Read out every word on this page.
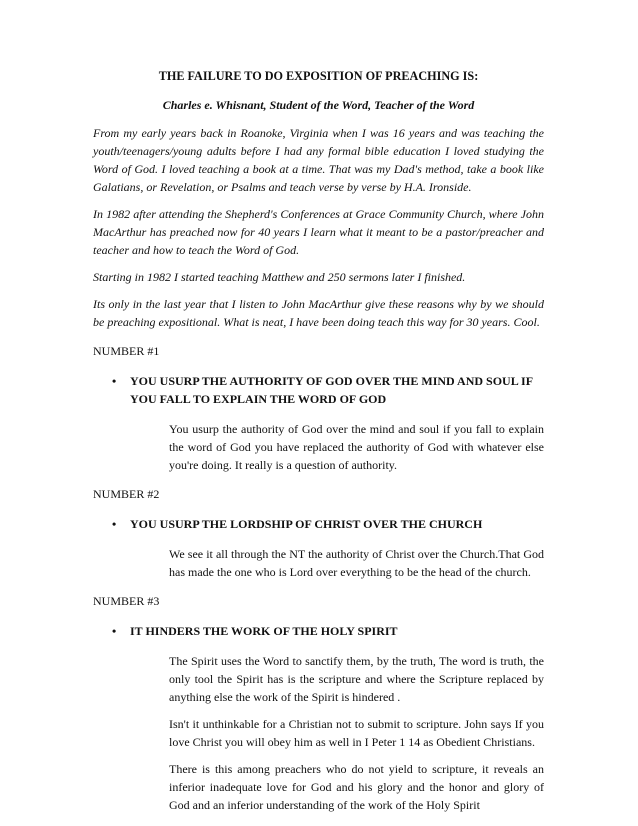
THE FAILURE TO DO EXPOSITION OF PREACHING IS:

Charles e. Whisnant, Student of the Word, Teacher of the Word

From my early years back in Roanoke, Virginia when I was 16 years and was teaching the youth/teenagers/young adults before I had any formal bible education I loved studying the Word of God. I loved teaching a book at a time. That was my Dad's method, take a book like Galatians, or Revelation, or Psalms and teach verse by verse by H.A. Ironside.

In 1982 after attending the Shepherd's Conferences at Grace Community Church, where John MacArthur has preached now for 40 years I learn what it meant to be a pastor/preacher and teacher and how to teach the Word of God.

Starting in 1982 I started teaching Matthew and 250 sermons later I finished.

Its only in the last year that I listen to John MacArthur give these reasons why by we should be preaching expositional. What is neat, I have been doing teach this way for 30 years. Cool.

NUMBER #1

• YOU USURP THE AUTHORITY OF GOD OVER THE MIND AND SOUL IF YOU FALL TO EXPLAIN THE WORD OF GOD

You usurp the authority of God over the mind and soul if you fall to explain the word of God you have replaced the authority of God with whatever else you're doing. It really is a question of authority.

NUMBER #2

• YOU USURP THE LORDSHIP OF CHRIST OVER THE CHURCH

We see it all through the NT the authority of Christ over the Church.That God has made the one who is Lord over everything to be the head of the church.

NUMBER #3

• IT HINDERS THE WORK OF THE HOLY SPIRIT

The Spirit uses the Word to sanctify them, by the truth, The word is truth, the only tool the Spirit has is the scripture and where the Scripture replaced by anything else the work of the Spirit is hindered .

Isn't it unthinkable for a Christian not to submit to scripture. John says If you love Christ you will obey him as well in I Peter 1 14 as Obedient Christians.

There is this among preachers who do not yield to scripture, it reveals an inferior inadequate love for God and his glory and the honor and glory of God and an inferior understanding of the work of the Holy Spirit
